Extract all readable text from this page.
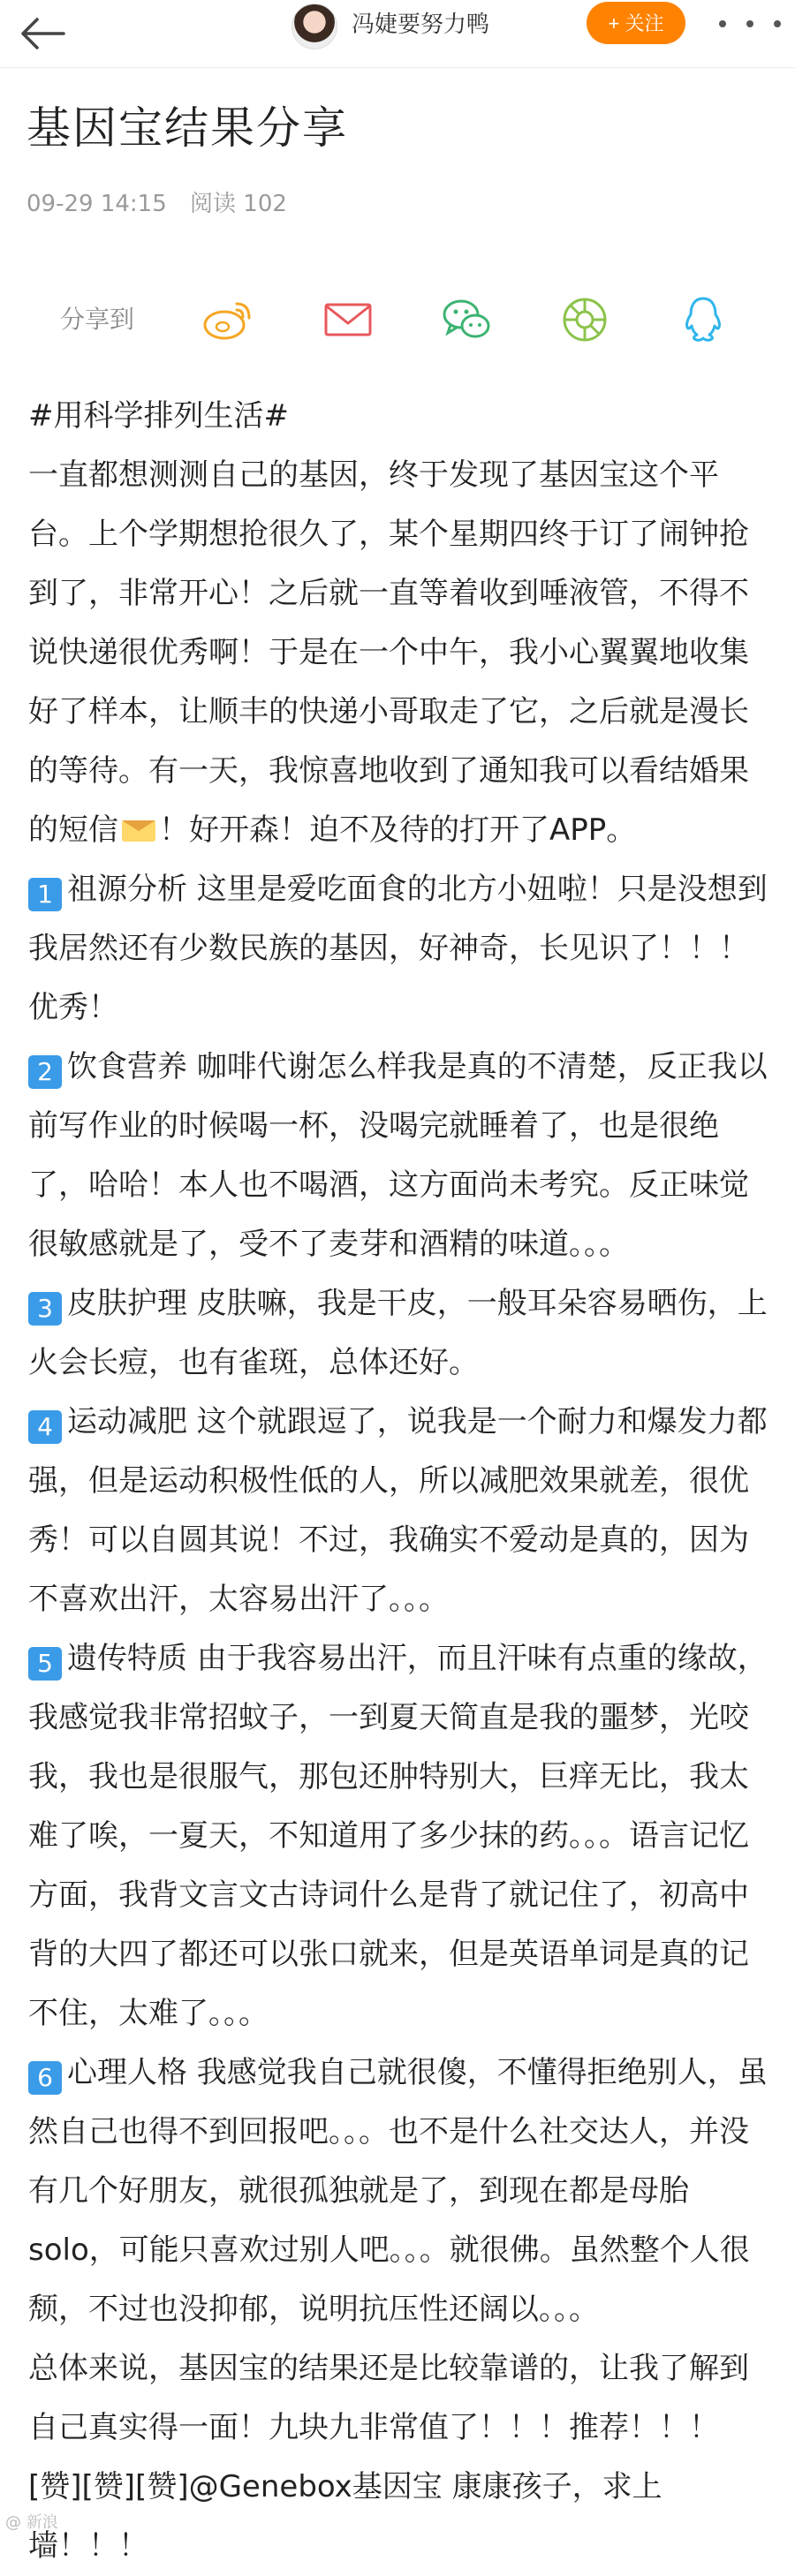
冯婕要努力鸭	+ 关注
基因宝结果分享
09-29 14:15 阅读 102
分享到

#用科学排列生活#

一直都想测测自己的基因，终于发现了基因宝这个平台。上个学期想抢很久了，某个星期四终于订了闹钟抢到了，非常开心！之后就一直等着收到唾液管，不得不说快递很优秀啊！于是在一个中午，我小心翼翼地收集好了样本，让顺丰的快递小哥取走了它，之后就是漫长的等待。有一天，我惊喜地收到了通知我可以看结婚果的短信 ！好开森！迫不及待的打开了APP。

1 祖源分析 这里是爱吃面食的北方小妞啦！只是没想到我居然还有少数民族的基因，好神奇，长见识了！！！优秀！

2 饮食营养 咖啡代谢怎么样我是真的不清楚，反正我以前写作业的时候喝一杯，没喝完就睡着了，也是很绝了，哈哈！本人也不喝酒，这方面尚未考究。反正味觉很敏感就是了，受不了麦芽和酒精的味道。。。

3 皮肤护理 皮肤嘛，我是干皮，一般耳朵容易晒伤，上火会长痘，也有雀斑，总体还好。

4 运动减肥 这个就跟逗了，说我是一个耐力和爆发力都强，但是运动积极性低的人，所以减肥效果就差，很优秀！可以自圆其说！不过，我确实不爱动是真的，因为不喜欢出汗，太容易出汗了。。。

5 遗传特质 由于我容易出汗，而且汗味有点重的缘故，我感觉我非常招蚊子，一到夏天简直是我的噩梦，光咬我，我也是很服气，那包还肿特别大，巨痒无比，我太难了唉，一夏天，不知道用了多少抹的药。。。语言记忆方面，我背文言文古诗词什么是背了就记住了，初高中背的大四了都还可以张口就来，但是英语单词是真的记不住，太难了。。。

6 心理人格 我感觉我自己就很傻，不懂得拒绝别人，虽然自己也得不到回报吧。。。也不是什么社交达人，并没有几个好朋友，就很孤独就是了，到现在都是母胎solo，可能只喜欢过别人吧。。。就很佛。虽然整个人很颓，不过也没抑郁，说明抗压性还阔以。。。

总体来说，基因宝的结果还是比较靠谱的，让我了解到自己真实得一面！九块九非常值了！！！推荐！！！[赞][赞][赞]@Genebox基因宝 康康孩子，求上墙！！！

@ 新浪
